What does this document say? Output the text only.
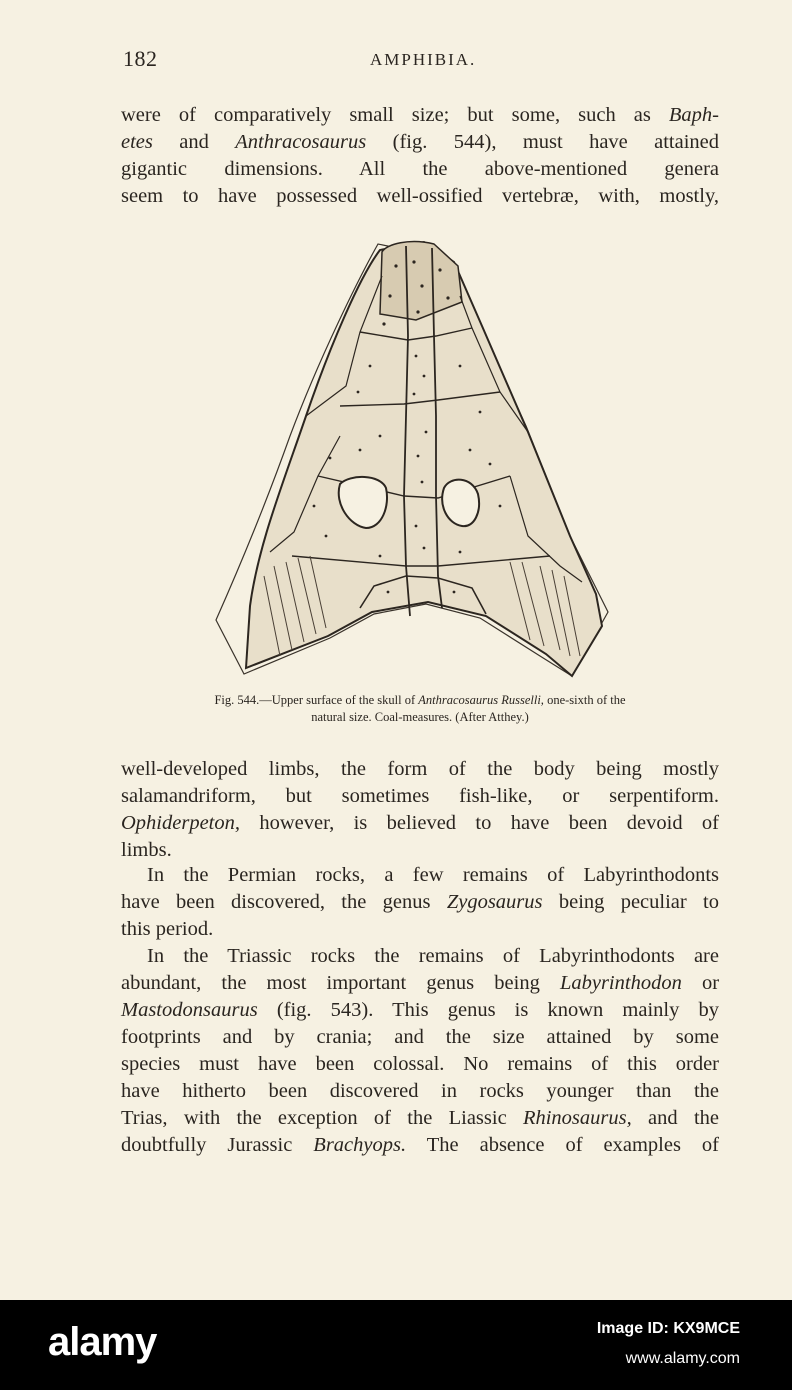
182	AMPHIBIA.
were of comparatively small size; but some, such as Baph-
etes and Anthracosaurus (fig. 544), must have attained
gigantic dimensions. All the above-mentioned genera
seem to have possessed well-ossified vertebræ, with, mostly,
Fig. 544.—Upper surface of the skull of Anthracosaurus Russelli, one-sixth of the
natural size. Coal-measures. (After Atthey.)
well-developed limbs, the form of the body being mostly
salamandriform, but sometimes fish-like, or serpentiform.
Ophiderpeton, however, is believed to have been devoid of
limbs.
In the Permian rocks, a few remains of Labyrinthodonts
have been discovered, the genus Zygosaurus being peculiar to
this period.
In the Triassic rocks the remains of Labyrinthodonts are
abundant, the most important genus being Labyrinthodon or
Mastodonsaurus (fig. 543). This genus is known mainly by
footprints and by crania; and the size attained by some
species must have been colossal. No remains of this order
have hitherto been discovered in rocks younger than the
Trias, with the exception of the Liassic Rhinosaurus, and the
doubtfully Jurassic Brachyops. The absence of examples of
alamy	Image ID: KX9MCE
www.alamy.com
